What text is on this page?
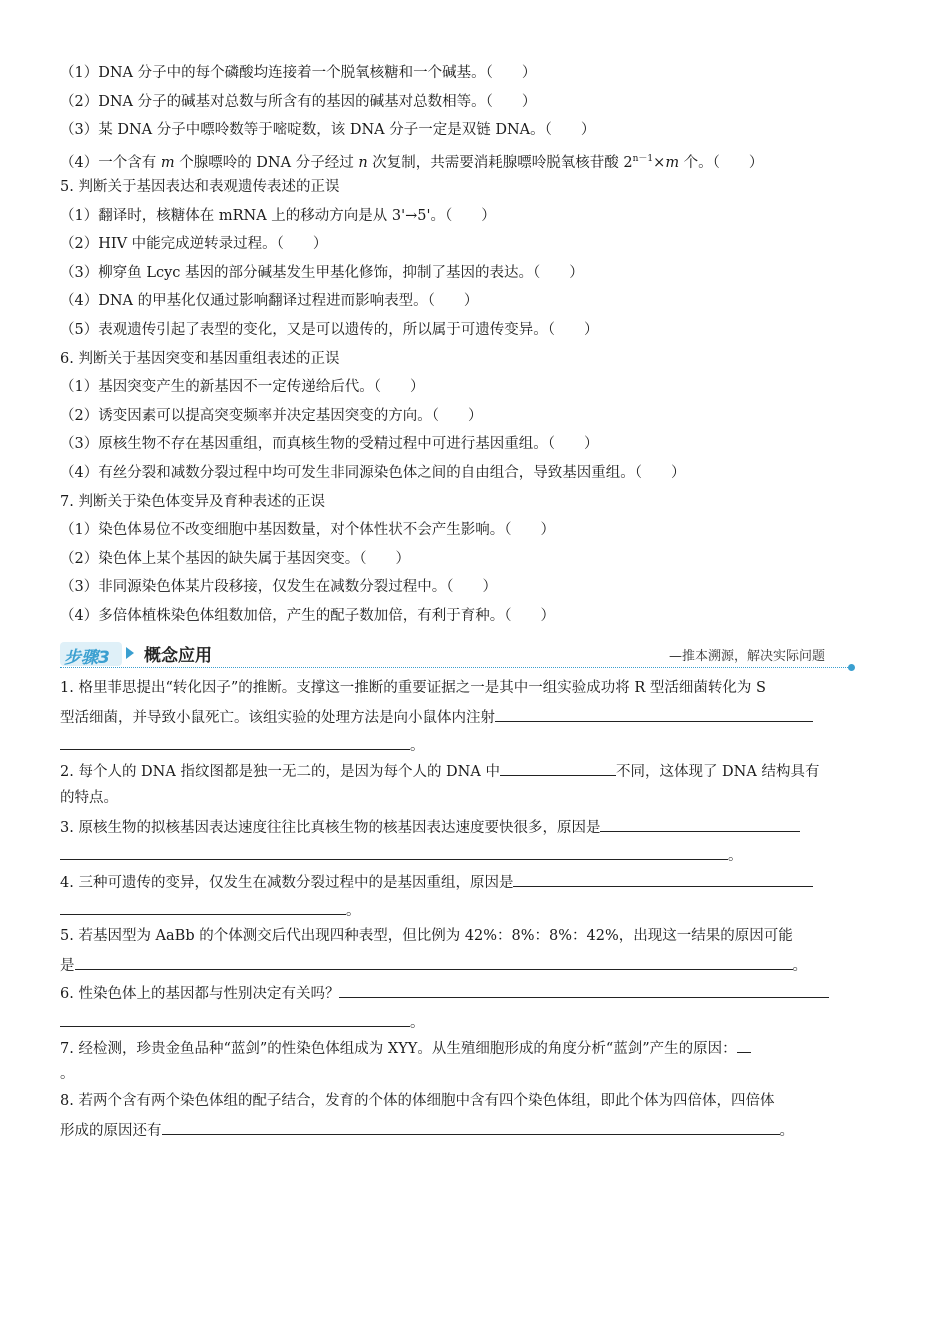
（1）DNA 分子中的每个磷酸均连接着一个脱氧核糖和一个碱基。（　　）
（2）DNA 分子的碱基对总数与所含有的基因的碱基对总数相等。（　　）
（3）某 DNA 分子中嘌呤数等于嘧啶数，该 DNA 分子一定是双链 DNA。（　　）
（4）一个含有 m 个腺嘌呤的 DNA 分子经过 n 次复制，共需要消耗腺嘌呤脱氧核苷酸 $2^{n-1}\times m$ 个。（　　）
5. 判断关于基因表达和表观遗传表述的正误
（1）翻译时，核糖体在 mRNA 上的移动方向是从 3'→5'。（　　）
（2）HIV 中能完成逆转录过程。（　　）
（3）柳穿鱼 Lcyc 基因的部分碱基发生甲基化修饰，抑制了基因的表达。（　　）
（4）DNA 的甲基化仅通过影响翻译过程进而影响表型。（　　）
（5）表观遗传引起了表型的变化，又是可以遗传的，所以属于可遗传变异。（　　）
6. 判断关于基因突变和基因重组表述的正误
（1）基因突变产生的新基因不一定传递给后代。（　　）
（2）诱变因素可以提高突变频率并决定基因突变的方向。（　　）
（3）原核生物不存在基因重组，而真核生物的受精过程中可进行基因重组。（　　）
（4）有丝分裂和减数分裂过程中均可发生非同源染色体之间的自由组合，导致基因重组。（　　）
7. 判断关于染色体变异及育种表述的正误
（1）染色体易位不改变细胞中基因数量，对个体性状不会产生影响。（　　）
（2）染色体上某个基因的缺失属于基因突变。（　　）
（3）非同源染色体某片段移接，仅发生在减数分裂过程中。（　　）
（4）多倍体植株染色体组数加倍，产生的配子数加倍，有利于育种。（　　）
步骤3 概念应用	—推本溯源，解决实际问题
1. 格里菲思提出“转化因子”的推断。支撑这一推断的重要证据之一是其中一组实验成功将 R 型活细菌转化为 S
型活细菌，并导致小鼠死亡。该组实验的处理方法是向小鼠体内注射
。
2. 每个人的 DNA 指纹图都是独一无二的，是因为每个人的 DNA 中	不同，这体现了 DNA 结构具有
的特点。
3. 原核生物的拟核基因表达速度往往比真核生物的核基因表达速度要快很多，原因是
。
4. 三种可遗传的变异，仅发生在减数分裂过程中的是基因重组，原因是
。
5. 若基因型为 AaBb 的个体测交后代出现四种表型，但比例为 42%：8%：8%：42%，出现这一结果的原因可能
是	。
6. 性染色体上的基因都与性别决定有关吗？
。
7. 经检测，珍贵金鱼品种“蓝剑”的性染色体组成为 XYY。从生殖细胞形成的角度分析“蓝剑”产生的原因：
。
8. 若两个含有两个染色体组的配子结合，发育的个体的体细胞中含有四个染色体组，即此个体为四倍体，四倍体
形成的原因还有	。
